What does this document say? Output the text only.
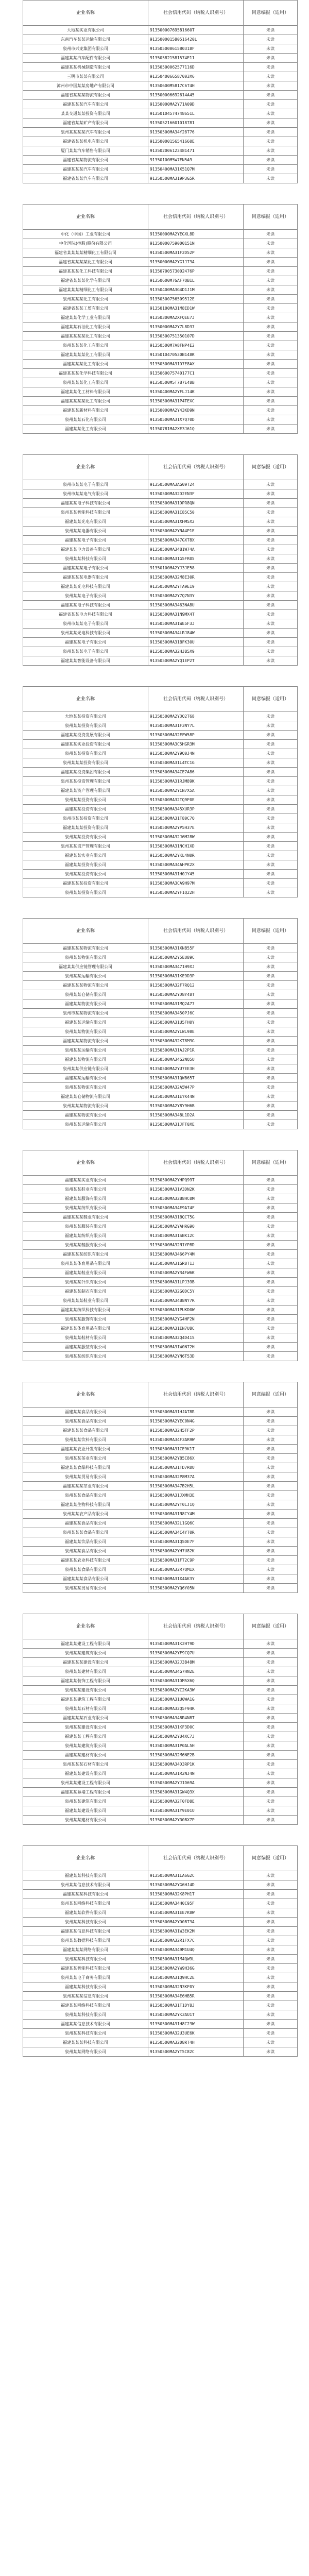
企业名称	社会信用代码（纳税人识别号）	同意编报（适用）
大地某实业有限公司	91350000769581660T	未读
东南汽车某某运输有限公司	913500001580516420L	未读
泉州市兴龙集团有限公司	91350500061580318F	未读
福建某某汽车配件有限公司	913505821581574E11	未读
福建某某机械制造有限公司	91350500062577116D	未读
三明市某某有限公司	9135040066587003X6	未读
漳州市中国某某房地产有限公司	91350600M5817C6T4H	未读
福建省某某某物流有限公司	913500006692614A45	未读
福建某某某汽车有限公司	91350000MA2Y71A09D	未读
某某交通某某投资有限公司	91350104574748651L	未读
福建省某某矿产有限公司	913505216601018781	未读
泉州某某某某汽车有限公司	91350500MA34Y28T76	未读
福建省某某机电有限公司	91350000156541660E	未读
厦门某某汽车销售有限公司	913502006123481471	未读
福建省某某物流有限公司	91350100M5W7EN5A9	未读
福建某某某汽车有限公司	91350400MA31X51Q7M	未读
福建省某某汽车有限公司	91350500MA319P3G5R	未读
企业名称	社会信用代码（纳税人识别号）	同意编报（适用）
中化（中国）工业有限公司	91350000MA2YEGXL8D	未读
中化国际(控股)股份有限公司	91350000759000151N	未读
福建省某某某某精细化工有限公司	91350500MA31F2D52P	未读
福建省某某某某化工有限公司	91350000MA2YG1J73A	未读
福建某某某化工科技有限公司	91350700573002476P	未读
福建省某某某化学有限公司	91350600M7GAF7QB1L	未读
福建某某某精细化工有限公司	91350400MA3G4D1J1M	未读
泉州某某某化工有限公司	91350500756509512E	未读
福建省某某工贸有限公司	91350100MA31M8ED1W	未读
福建某某化学工业有限公司	91350300MA2XFQEE7J	未读
福建某某石油化工有限公司	91350000MA2Y7L8D37	未读
福建某某某某化工有限公司	91350500751350107D	未读
泉州某某某化工有限公司	91350500M7A8FNP4E2	未读
福建某某某某化工有限公司	9135010470530B148K	未读
福建某某某化工有限公司	91350500MA31D7E8AX	未读
福建某某某化学科技有限公司	9135060075740177C1	未读
泉州某某某化工有限公司	91350500M5T7B7E48B	未读
福建某某化工材料有限公司	91350400MA2YFLJ14K	未读
福建某某某某化工有限公司	91350500MA31P4TEXC	未读
福建某某新材料有限公司	91350000MA2Y43KD9N	未读
泉州某某石化有限公司	91350500MA31X7Q70D	未读
福建某某化工有限公司	91350781MA2XE3J61Q	未读
企业名称	社会信用代码（纳税人识别号）	同意编报（适用）
泉州市某某电子有限公司	91350500MA3AG09T24	未读
泉州市某某电气有限公司	91350500MA32D2EN3F	未读
福建某某电子科技有限公司	91350500MA31DPR8QN	未读
泉州某某智能科技有限公司	91350500MA31C85C50	未读
福建某某光电有限公司	91350500MA31XHM5X2	未读
泉州某某电器有限公司	91350500MA2YNA4P1E	未读
福建某某电子有限公司	91350500MA347GXT8X	未读
福建某某电力设备有限公司	91350500MA34B1W74A	未读
泉州某某科技有限公司	91350500MA31G5FR05	未读
福建某某某电子有限公司	91350100MA2YJ3JE58	未读
福建某某某电器有限公司	91350500MA32M8E30R	未读
福建某某光电科技有限公司	91350500MA2YTA9E19	未读
泉州某某电子有限公司	91350500MA2Y7Q7N3Y	未读
福建某某电子科技有限公司	91350500MA3463NA8U	未读
福建省某某电力科技有限公司	91350500MA31N9MX4T	未读
泉州市某某电子有限公司	91350500MA31WE5F3J	未读
泉州某某光电科技有限公司	91350500MA34LRJ84W	未读
福建某某电子有限公司	91350500MA31BFK30U	未读
泉州某某某电子有限公司	91350500MA32HJB5X9	未读
福建某某智能设备有限公司	91350500MA2YQ1EP2T	未读
企业名称	社会信用代码（纳税人识别号）	同意编报（适用）
大地某某投资有限公司	91350500MA2Y3Q2T68	未读
泉州某某投资有限公司	91350500MA31F3NY7L	未读
福建某某投资发展有限公司	91350500MA32EFW58P	未读
福建某某实业投资有限公司	91350500MA3C5HGR3M	未读
泉州某某投资有限公司	91350500MA2Y9Q0J4N	未读
泉州某某某投资有限公司	91350500MA31L4TC1G	未读
福建某某投资集团有限公司	91350500MA34CE7A86	未读
泉州某某投资管理有限公司	91350500MA31RJM89K	未读
福建某某资产管理有限公司	91350500MA2YCN7X5A	未读
泉州某某投资有限公司	91350500MA32TQ9F0E	未读
福建某某投资有限公司	91350500MA345XUR3P	未读
泉州市某某投资有限公司	91350500MA31T80C7Q	未读
福建某某某投资有限公司	91350500MA2YP5H37E	未读
泉州某某投资有限公司	91350500MA32J6M28W	未读
泉州某某资产管理有限公司	91350500MA31NCH1XD	未读
福建某某实业有限公司	91350500MA2YKL4N0R	未读
福建某某投资有限公司	91350500MA34AHPK2X	未读
泉州某某投资有限公司	91350500MA31H0JY45	未读
福建某某某投资有限公司	91350500MA3CA9H97M	未读
泉州某某投资有限公司	91350500MA2YF1Q22H	未读
企业名称	社会信用代码（纳税人识别号）	同意编报（适用）
福建某某某物流有限公司	91350500MA31XNB55F	未读
泉州某某物流有限公司	91350500MA2Y5EU89C	未读
福建某某供应链管理有限公司	91350500MA3471H9XJ	未读
泉州某某运输有限公司	91350500MA31KE9D3P	未读
福建某某某物流有限公司	91350500MA32F7RQ12	未读
泉州某某仓储有限公司	91350500MA2YD8Y48T	未读
福建某某物流有限公司	91350500MA31MQ2A77	未读
泉州市某某物流有限公司	91350500MA3450PJ6C	未读
福建某某运输有限公司	91350500MA31U5FH0Y	未读
泉州某某物流有限公司	91350500MA2YLWL98E	未读
福建某某某物流有限公司	91350500MA32KT8M3G	未读
泉州某某运输有限公司	91350500MA31AJ2P1R	未读
福建某某物流有限公司	91350500MA34G2NQ5U	未读
泉州某某供应链有限公司	91350500MA2YU7EE3H	未读
福建某某运输有限公司	91350500MA31QWB65T	未读
泉州某某物流有限公司	91350500MA32A5W47P	未读
福建某某仓储物流有限公司	91350500MA31EYK44N	未读
泉州某某某物流有限公司	91350500MA2Y8Y9H6B	未读
福建某某物流有限公司	91350500MA348L1D2A	未读
泉州某某运输有限公司	91350500MA31JFT0XE	未读
企业名称	社会信用代码（纳税人识别号）	同意编报（适用）
福建某某实业有限公司	91350500MA2YHPQ99T	未读
泉州某某鞋业有限公司	91350500MA31V3DN2K	未读
福建某某服饰有限公司	91350500MA32B8HC0M	未读
泉州某某纺织有限公司	91350500MA34E9A74F	未读
福建某某某鞋业有限公司	91350500MA31BQCT5G	未读
泉州某某服装有限公司	91350500MA2YAHRG9Q	未读
福建某某纺织有限公司	91350500MA31SBK12C	未读
泉州某某鞋服有限公司	91350500MA32N1YP8D	未读
福建某某某纺织有限公司	91350500MA3466PY4M	未读
泉州某某体育用品有限公司	91350500MA31GR8T1J	未读
福建某某鞋业有限公司	91350500MA2YR4FW6K	未读
泉州某某针织有限公司	91350500MA31LPJ39B	未读
福建某某制衣有限公司	91350500MA32G0DC5Y	未读
泉州某某某鞋业有限公司	91350500MA34B8NY7R	未读
福建某某纺织科技有限公司	91350500MA31PUKD0W	未读
泉州某某服饰有限公司	91350500MA2YG4HF2N	未读
福建某某体育用品有限公司	91350500MA31EN7U8C	未读
泉州某某鞋材有限公司	91350500MA32Q4D41S	未读
福建某某服装有限公司	91350500MA31W0N72H	未读
泉州某某纺织有限公司	91350500MA2YN6T53D	未读
企业名称	社会信用代码（纳税人识别号）	同意编报（适用）
福建某某食品有限公司	91350500MA31HJAT8R	未读
泉州某某食品有限公司	91350500MA2YEC0N4G	未读
福建某某某食品有限公司	91350500MA32H5TF2P	未读
泉州某某饮料有限公司	91350500MA34F3AR9W	未读
福建某某农业开发有限公司	91350500MA31CE9K1T	未读
泉州某某茶业有限公司	91350500MA2YB5C86X	未读
福建某某食品科技有限公司	91350500MA31TD7R0U	未读
泉州某某贸易有限公司	91350500MA32P8M37A	未读
福建某某某茶业有限公司	91350500MA347B2H5L	未读
泉州某某食品有限公司	91350500MA31JXMH3E	未读
福建某某生物科技有限公司	91350500MA2YT0LJ1Q	未读
泉州某某农产品有限公司	91350500MA31N8CY4M	未读
福建某某食品有限公司	91350500MA32L1GQ6C	未读
泉州某某某食品有限公司	91350500MA34C4YT0R	未读
福建某某饮品有限公司	91350500MA31Q5DE7F	未读
泉州某某食品有限公司	91350500MA2YH7U82K	未读
福建某某农业科技有限公司	91350500MA31FT2C9P	未读
泉州某某食品有限公司	91350500MA32R7QM1X	未读
福建某某某食品有限公司	91350500MA31X4AK3Y	未读
泉州某某贸易有限公司	91350500MA2YQ6Y05N	未读
企业名称	社会信用代码（纳税人识别号）	同意编报（适用）
福建某某建设工程有限公司	91350500MA31K2HT9D	未读
泉州某某建筑有限公司	91350500MA2YF9CQ7U	未读
福建某某某建设有限公司	91350500MA32J3B48M	未读
泉州某某建材有限公司	91350500MA34G7HN2E	未读
福建某某装饰工程有限公司	91350500MA31DM5X6Q	未读
泉州某某建设有限公司	91350500MA2YC2KA3W	未读
福建某某建筑工程有限公司	91350500MA31U0WA1G	未读
泉州某某石材有限公司	91350500MA32Q5F94R	未读
福建某某某石业有限公司	91350500MA348R4N8T	未读
泉州某某建设有限公司	91350500MA31KF3D0C	未读
福建某某工程有限公司	91350500MA2YU4XC7J	未读
泉州某某建筑有限公司	91350500MA31P0AL5H	未读
福建某某建材有限公司	91350500MA32M6NE2B	未读
泉州某某某石材有限公司	91350500MA34D3RP1K	未读
福建某某建设有限公司	91350500MA31R2NJ4N	未读
泉州某某建设工程有限公司	91350500MA2YJ1D69A	未读
福建某某幕墙工程有限公司	91350500MA31GW4Q3X	未读
泉州某某建筑有限公司	91350500MA32T0FD8E	未读
福建某某建设有限公司	91350500MA31Y9E01U	未读
泉州某某建材有限公司	91350500MA2YR0BX7P	未读
企业名称	社会信用代码（纳税人识别号）	同意编报（适用）
福建某某科技有限公司	91350500MA31LA6G2C	未读
泉州某某信息技术有限公司	91350500MA2YG6HJ4D	未读
福建某某某科技有限公司	91350500MA32K8PH1T	未读
泉州某某网络科技有限公司	91350500MA34H0C95F	未读
福建某某软件有限公司	91350500MA31EE7K8W	未读
泉州某某科技有限公司	91350500MA2YD0BT3A	未读
福建某某信息科技有限公司	91350500MA31W3EK2M	未读
泉州某某数据科技有限公司	91350500MA32R1FX7C	未读
福建某某某网络有限公司	91350500MA349M1U4Q	未读
泉州某某科技有限公司	91350500MA31M4QW9L	未读
福建某某智能科技有限公司	91350500MA2YW9H36G	未读
泉州某某电子商务有限公司	91350500MA31Q9HC2E	未读
福建某某科技有限公司	91350500MA32N3KF0Y	未读
泉州某某某信息有限公司	91350500MA34E6HB5R	未读
福建某某网络科技有限公司	91350500MA31T1DY8J	未读
泉州某某科技有限公司	91350500MA2YK3AU1T	未读
福建某某信息技术有限公司	91350500MA31H8C23W	未读
泉州某某科技有限公司	91350500MA32U3UE6K	未读
福建某某某科技有限公司	91350500MA3208RT4H	未读
泉州某某网络有限公司	91350500MA2YT5C82C	未读
